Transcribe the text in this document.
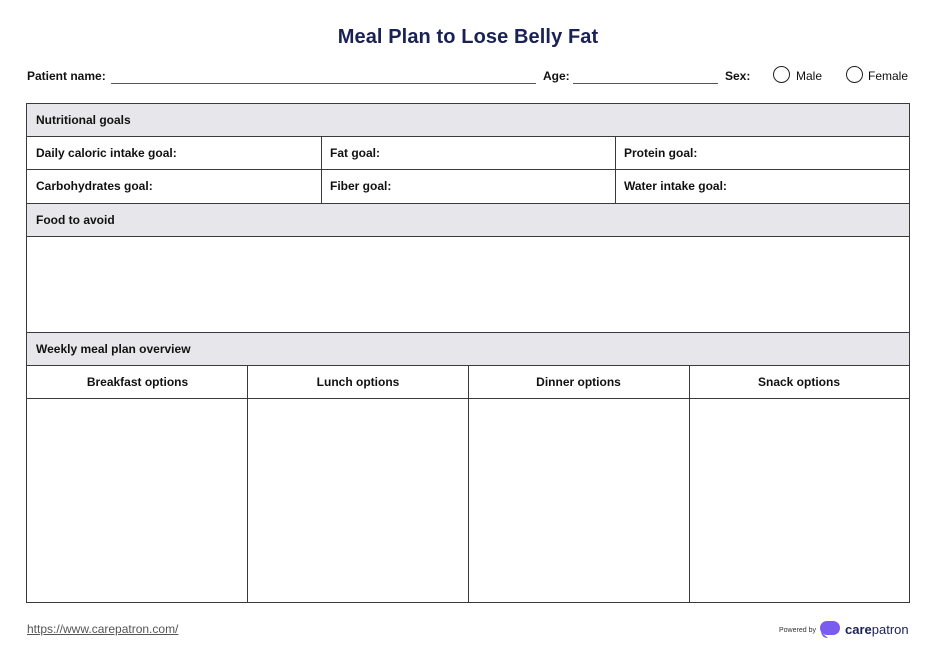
Meal Plan to Lose Belly Fat
Patient name:	Age:	Sex:	Male	Female
Nutritional goals
Daily caloric intake goal:	Fat goal:	Protein goal:
Carbohydrates goal:	Fiber goal:	Water intake goal:
Food to avoid
Weekly meal plan overview
Breakfast options	Lunch options	Dinner options	Snack options
https://www.carepatron.com/	Powered by carepatron
